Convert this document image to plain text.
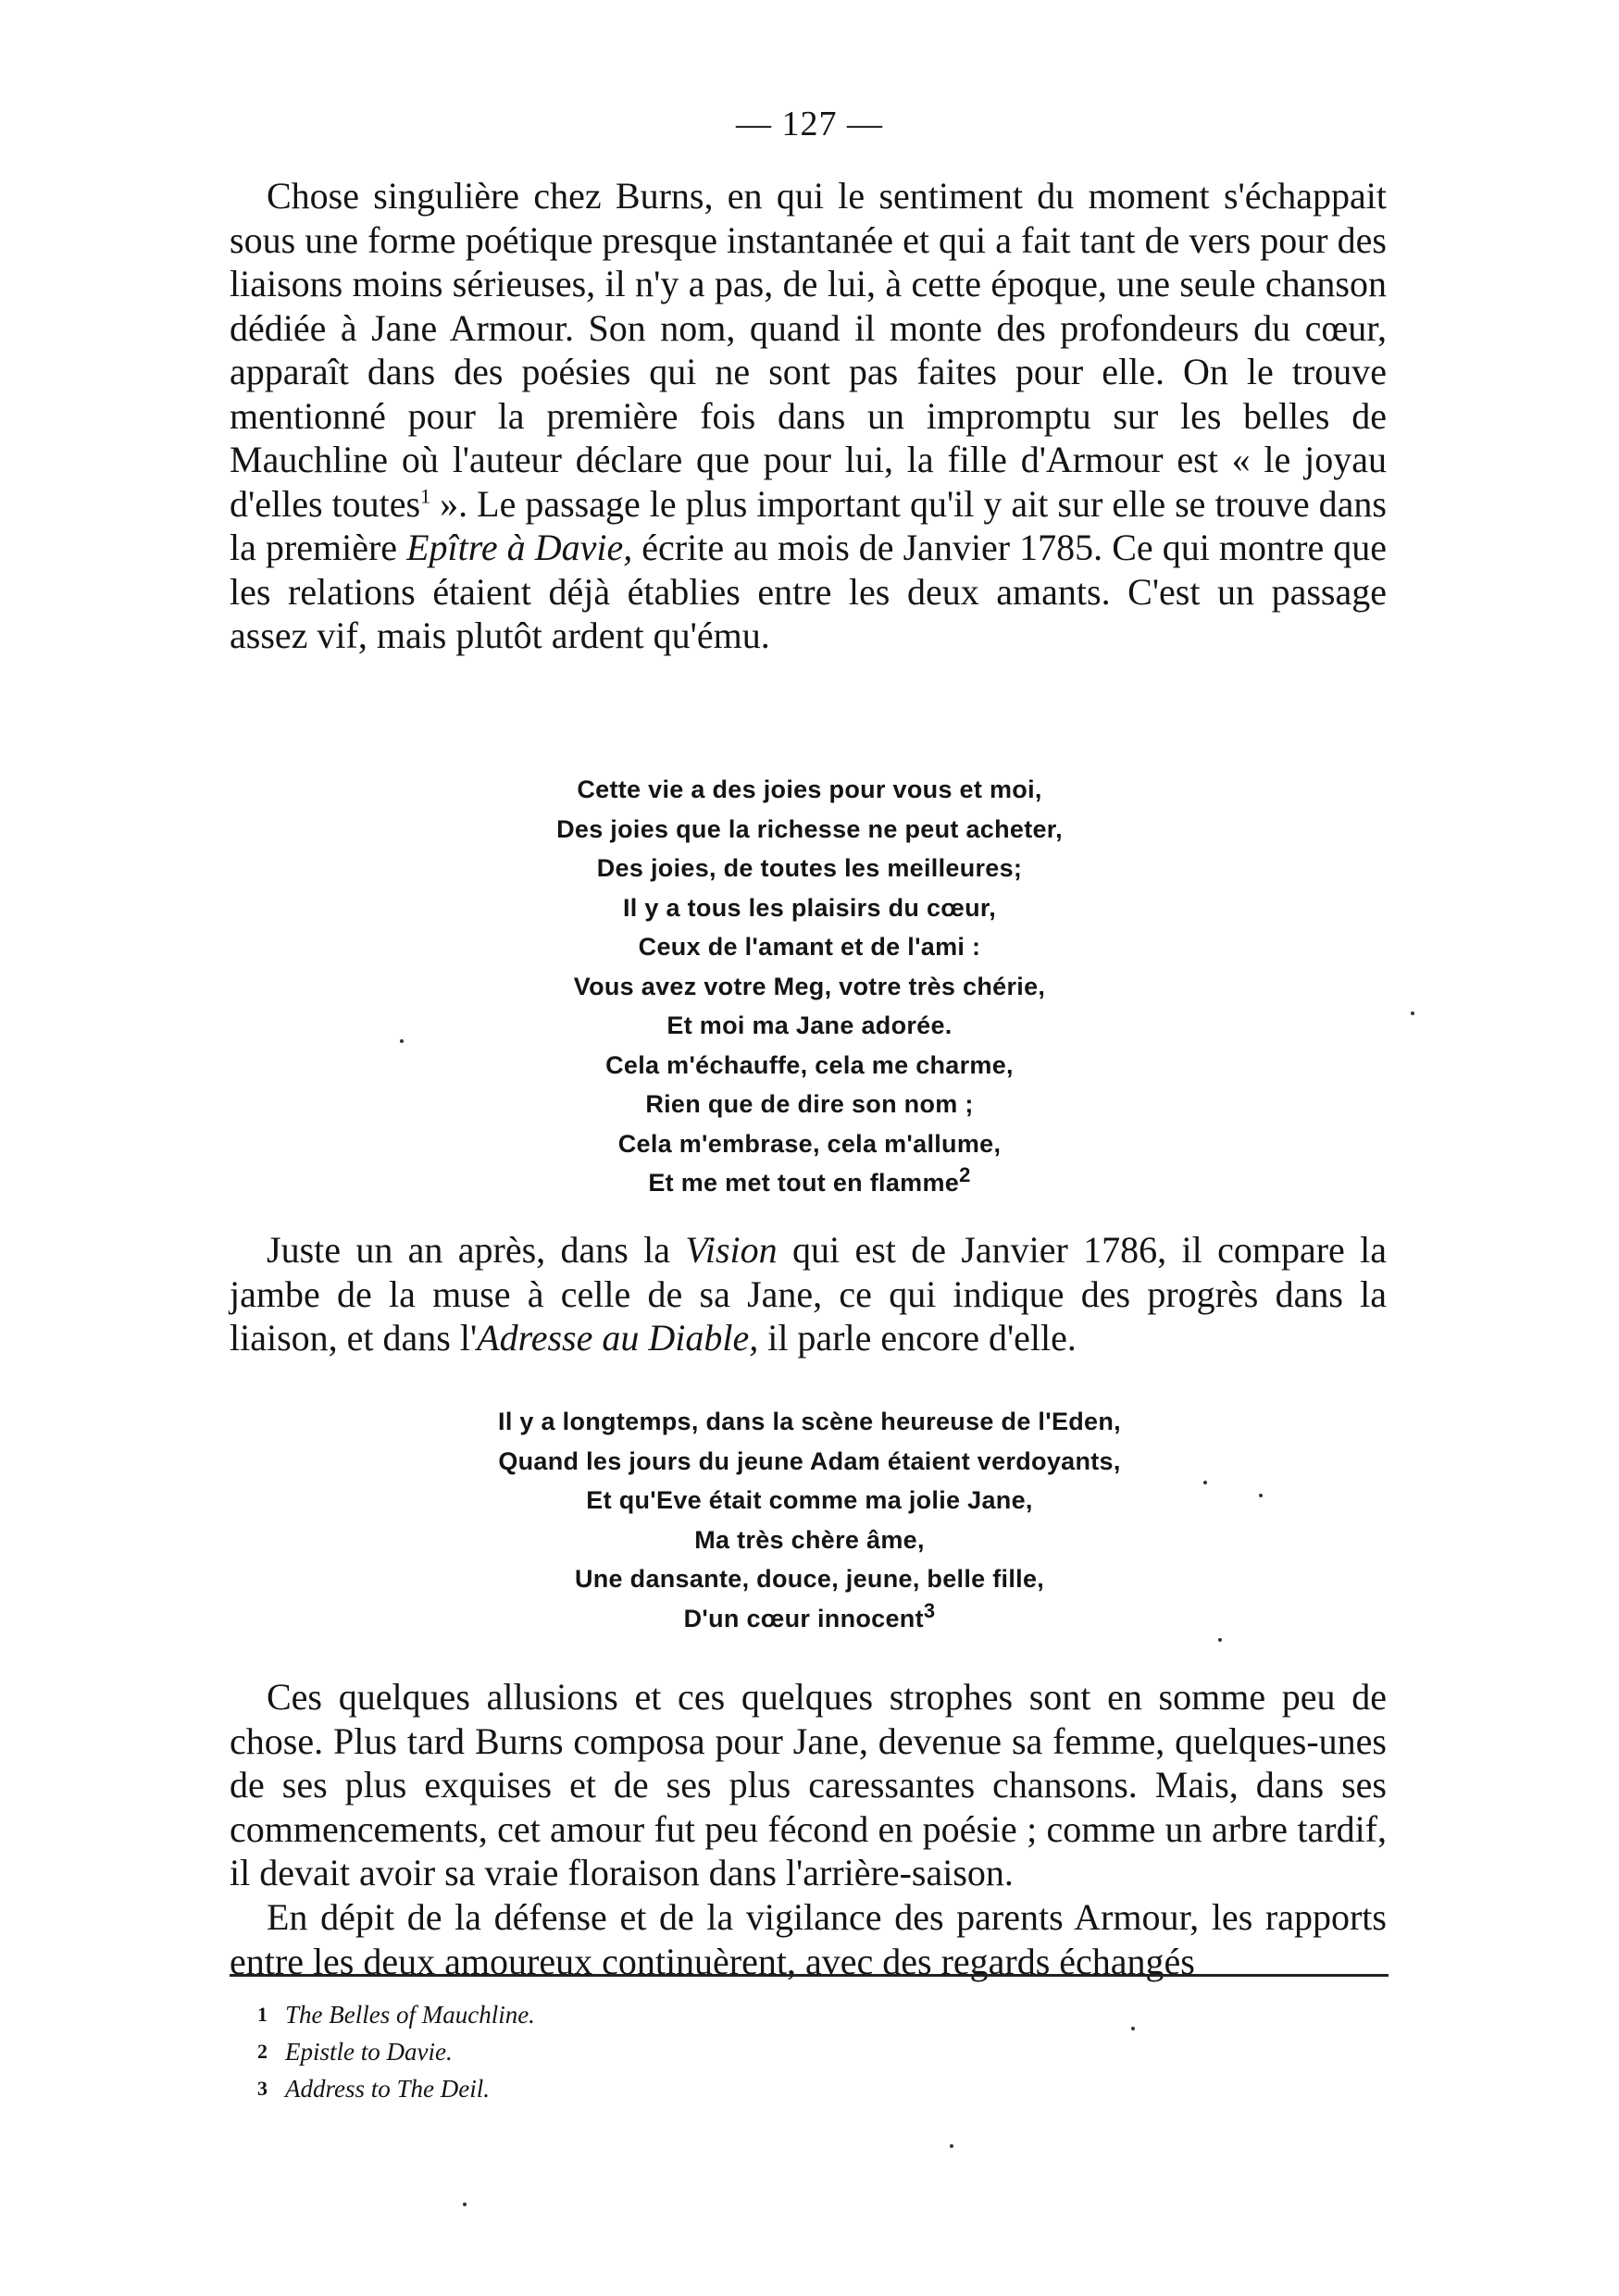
— 127 —

Chose singulière chez Burns, en qui le sentiment du moment s'échappait sous une forme poétique presque instantanée et qui a fait tant de vers pour des liaisons moins sérieuses, il n'y a pas, de lui, à cette époque, une seule chanson dédiée à Jane Armour. Son nom, quand il monte des profondeurs du cœur, apparaît dans des poésies qui ne sont pas faites pour elle. On le trouve mentionné pour la première fois dans un impromptu sur les belles de Mauchline où l'auteur déclare que pour lui, la fille d'Armour est « le joyau d'elles toutes$^1$ ». Le passage le plus important qu'il y ait sur elle se trouve dans la première Epître à Davie, écrite au mois de Janvier 1785. Ce qui montre que les relations étaient déjà établies entre les deux amants. C'est un passage assez vif, mais plutôt ardent qu'ému.

Cette vie a des joies pour vous et moi,
Des joies que la richesse ne peut acheter,
Des joies, de toutes les meilleures;
Il y a tous les plaisirs du cœur,
Ceux de l'amant et de l'ami :
Vous avez votre Meg, votre très chérie,
Et moi ma Jane adorée.
Cela m'échauffe, cela me charme,
Rien que de dire son nom ;
Cela m'embrase, cela m'allume,
Et me met tout en flamme$^2$

Juste un an après, dans la Vision qui est de Janvier 1786, il compare la jambe de la muse à celle de sa Jane, ce qui indique des progrès dans la liaison, et dans l'Adresse au Diable, il parle encore d'elle.

Il y a longtemps, dans la scène heureuse de l'Eden,
Quand les jours du jeune Adam étaient verdoyants,
Et qu'Eve était comme ma jolie Jane,
Ma très chère âme,
Une dansante, douce, jeune, belle fille,
D'un cœur innocent$^3$

Ces quelques allusions et ces quelques strophes sont en somme peu de chose. Plus tard Burns composa pour Jane, devenue sa femme, quelques-unes de ses plus exquises et de ses plus caressantes chansons. Mais, dans ses commencements, cet amour fut peu fécond en poésie ; comme un arbre tardif, il devait avoir sa vraie floraison dans l'arrière-saison.

En dépit de la défense et de la vigilance des parents Armour, les rapports entre les deux amoureux continuèrent, avec des regards échangés

1 The Belles of Mauchline.
2 Epistle to Davie.
3 Address to The Deil.
